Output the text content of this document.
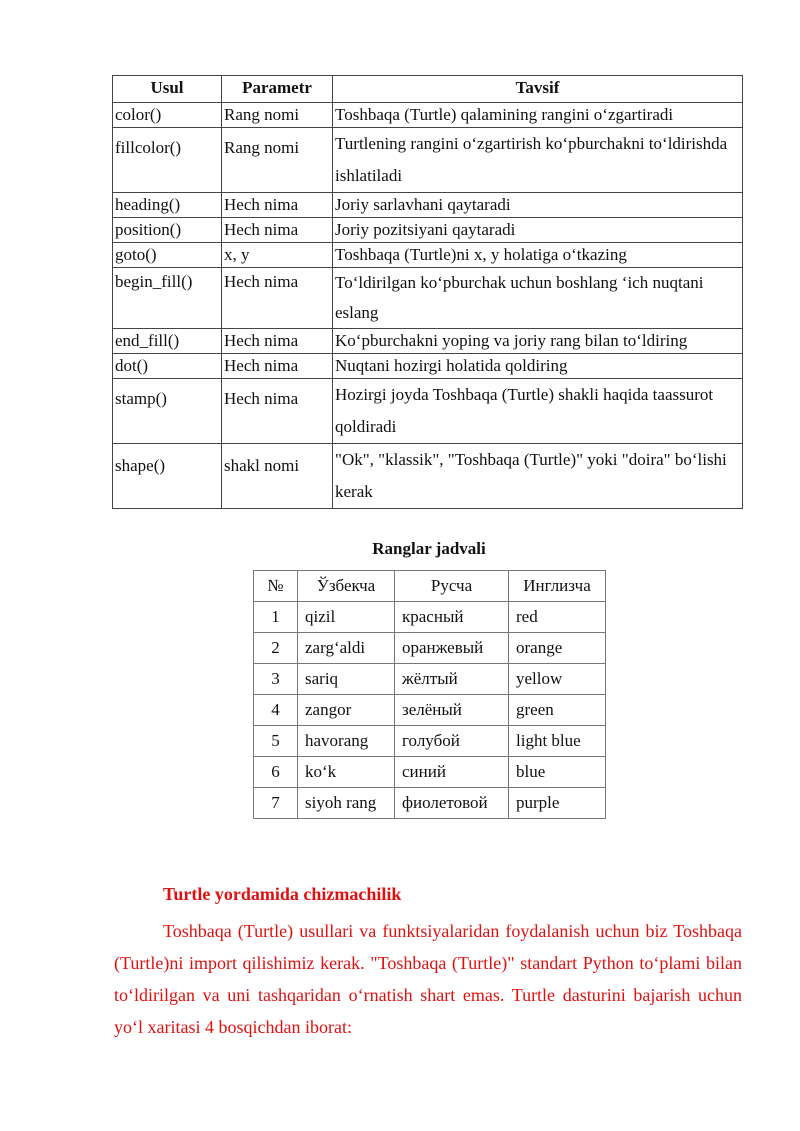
Usul	Parametr	Tavsif
color()	Rang nomi	Toshbaqa (Turtle) qalamining rangini o‘zgartiradi
fillcolor()	Rang nomi	Turtlening rangini o‘zgartirish ko‘pburchakni to‘ldirishda ishlatiladi
heading()	Hech nima	Joriy sarlavhani qaytaradi
position()	Hech nima	Joriy pozitsiyani qaytaradi
goto()	x, y	Toshbaqa (Turtle)ni x, y holatiga o‘tkazing
begin_fill()	Hech nima	To‘ldirilgan ko‘pburchak uchun boshlang ‘ich nuqtani eslang
end_fill()	Hech nima	Ko‘pburchakni yoping va joriy rang bilan to‘ldiring
dot()	Hech nima	Nuqtani hozirgi holatida qoldiring
stamp()	Hech nima	Hozirgi joyda Toshbaqa (Turtle) shakli haqida taassurot qoldiradi
shape()	shakl nomi	"Ok", "klassik", "Toshbaqa (Turtle)" yoki "doira" bo‘lishi kerak
Ranglar jadvali
№	Ўзбекча	Русча	Инглизча
1	qizil	красный	red
2	zarg‘aldi	оранжевый	orange
3	sariq	жёлтый	yellow
4	zangor	зелёный	green
5	havorang	голубой	light blue
6	ko‘k	синий	blue
7	siyoh rang	фиолетовой	purple
Turtle yordamida chizmachilik
Toshbaqa (Turtle) usullari va funktsiyalaridan foydalanish uchun biz Toshbaqa (Turtle)ni import qilishimiz kerak. "Toshbaqa (Turtle)" standart Python to‘plami bilan to‘ldirilgan va uni tashqaridan o‘rnatish shart emas. Turtle dasturini bajarish uchun yo‘l xaritasi 4 bosqichdan iborat:
